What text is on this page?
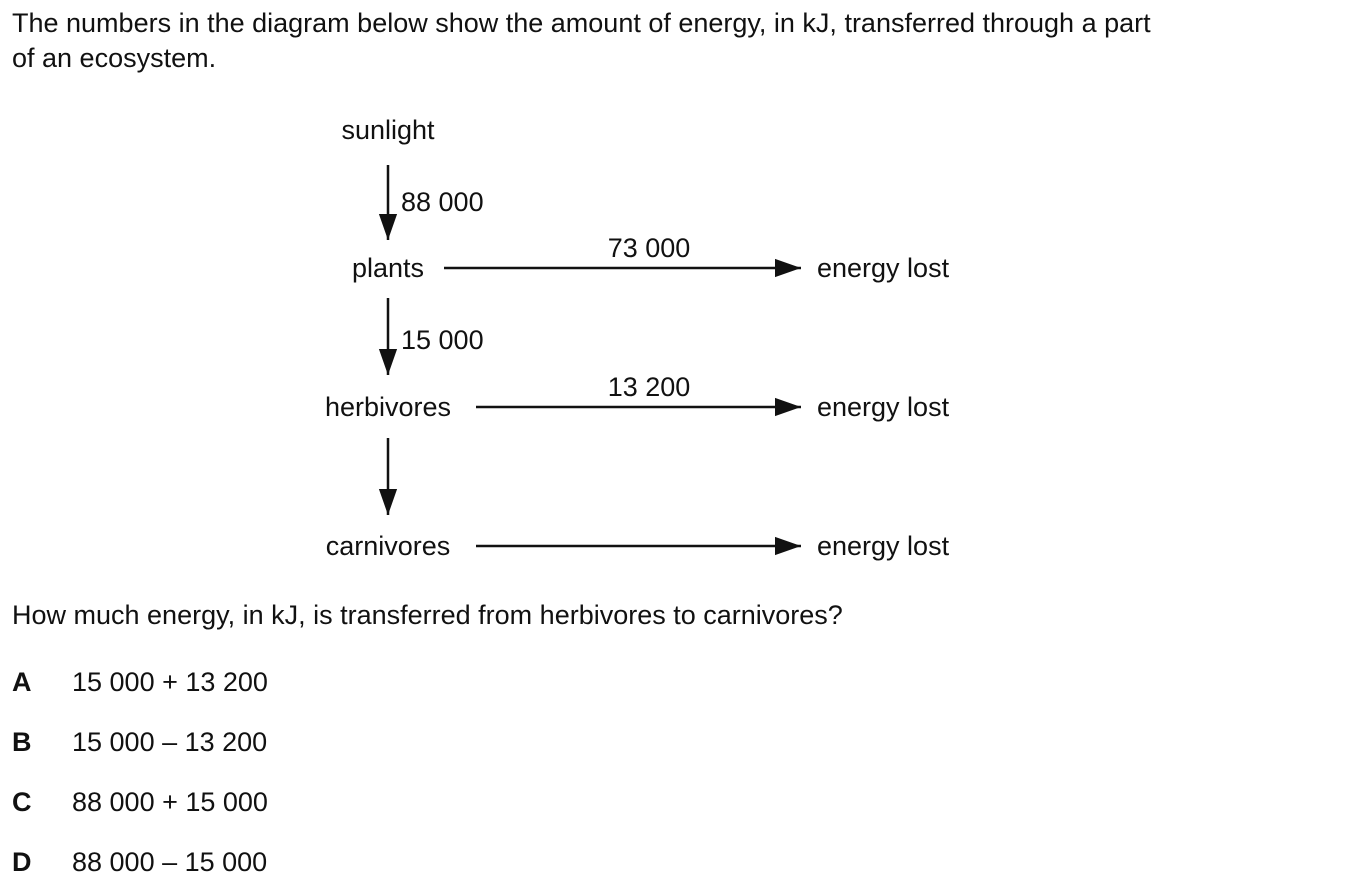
The numbers in the diagram below show the amount of energy, in kJ, transferred through a part
of an ecosystem.
sunlight
plants
herbivores
carnivores
energy lost
energy lost
energy lost
88 000
73 000
15 000
13 200

How much energy, in kJ, is transferred from herbivores to carnivores?

A 15 000 + 13 200
B 15 000 – 13 200
C 88 000 + 15 000
D 88 000 – 15 000
